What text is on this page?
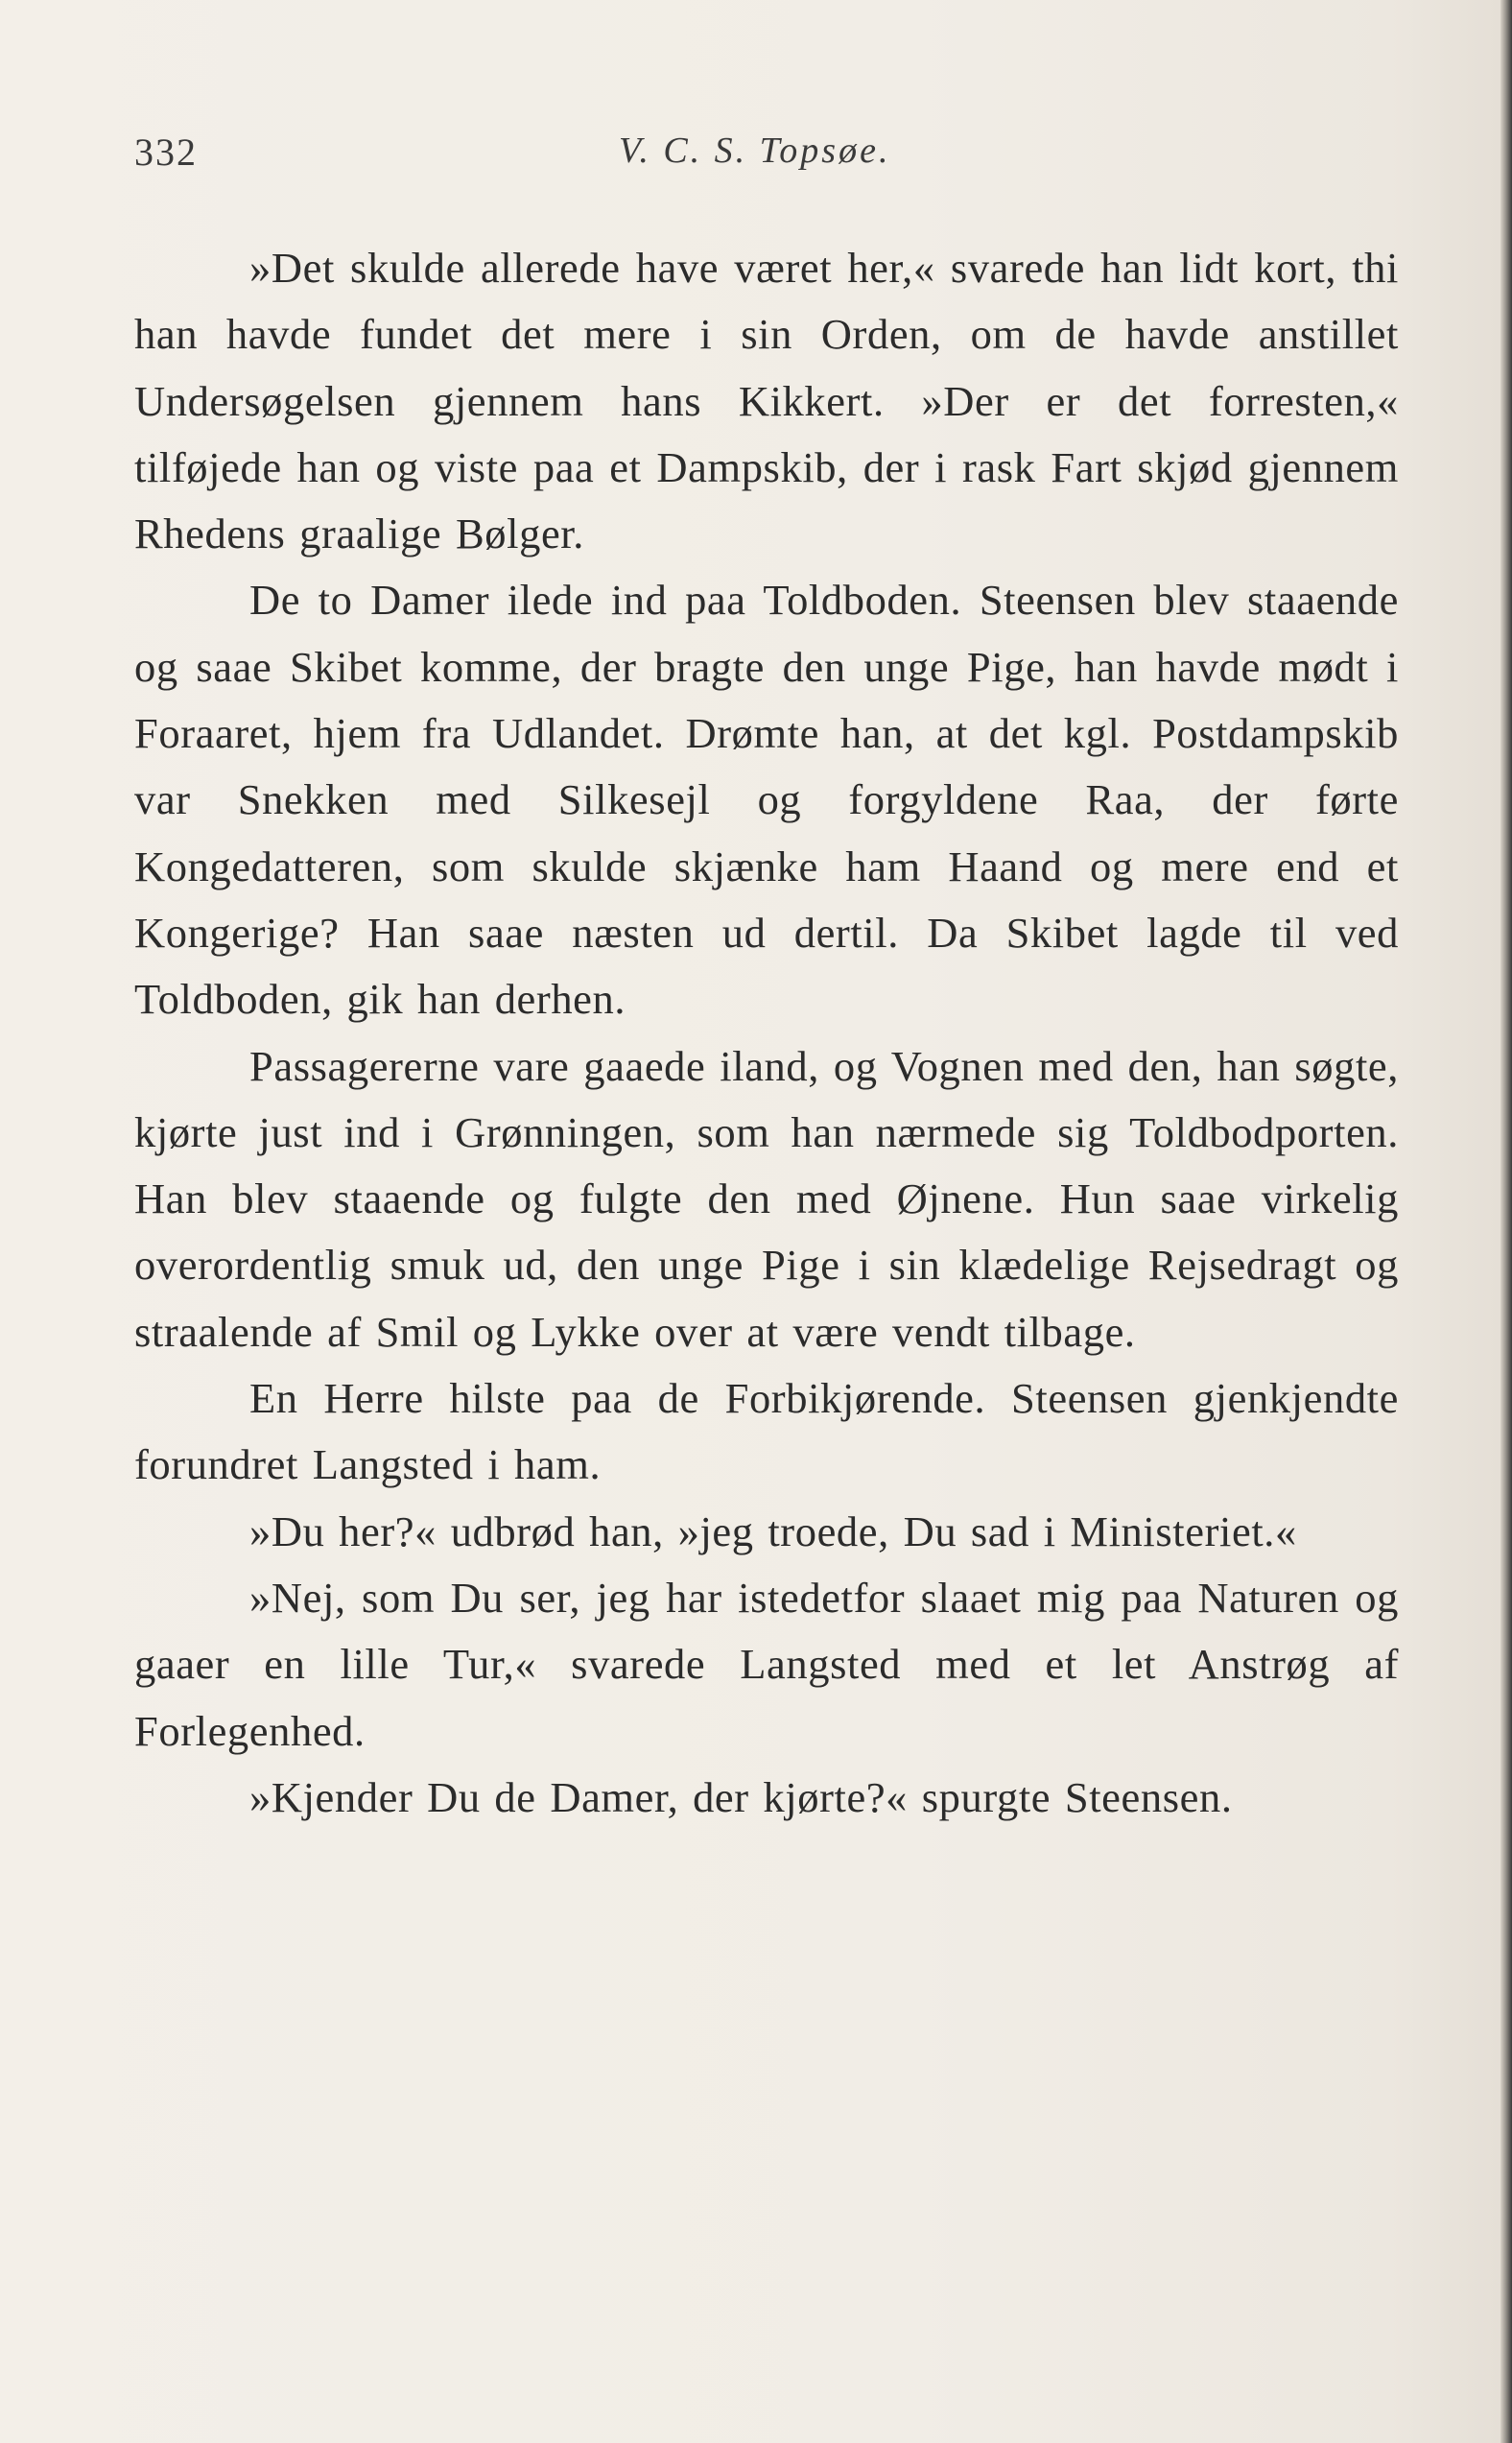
332	V. C. S. Topsøe.

»Det skulde allerede have været her,« svarede han lidt kort, thi han havde fundet det mere i sin Orden, om de havde anstillet Undersøgelsen gjennem hans Kikkert. »Der er det forresten,« tilføjede han og viste paa et Dampskib, der i rask Fart skjød gjennem Rhedens graalige Bølger.

De to Damer ilede ind paa Toldboden. Steensen blev staaende og saae Skibet komme, der bragte den unge Pige, han havde mødt i Foraaret, hjem fra Udlandet. Drømte han, at det kgl. Postdampskib var Snekken med Silkesejl og forgyldene Raa, der førte Kongedatteren, som skulde skjænke ham Haand og mere end et Kongerige? Han saae næsten ud dertil. Da Skibet lagde til ved Toldboden, gik han derhen.

Passagererne vare gaaede iland, og Vognen med den, han søgte, kjørte just ind i Grønningen, som han nærmede sig Toldbodporten. Han blev staaende og fulgte den med Øjnene. Hun saae virkelig overordentlig smuk ud, den unge Pige i sin klædelige Rejsedragt og straalende af Smil og Lykke over at være vendt tilbage.

En Herre hilste paa de Forbikjørende. Steensen gjenkjendte forundret Langsted i ham.

»Du her?« udbrød han, »jeg troede, Du sad i Ministeriet.«

»Nej, som Du ser, jeg har istedetfor slaaet mig paa Naturen og gaaer en lille Tur,« svarede Langsted med et let Anstrøg af Forlegenhed.

»Kjender Du de Damer, der kjørte?« spurgte Steensen.
